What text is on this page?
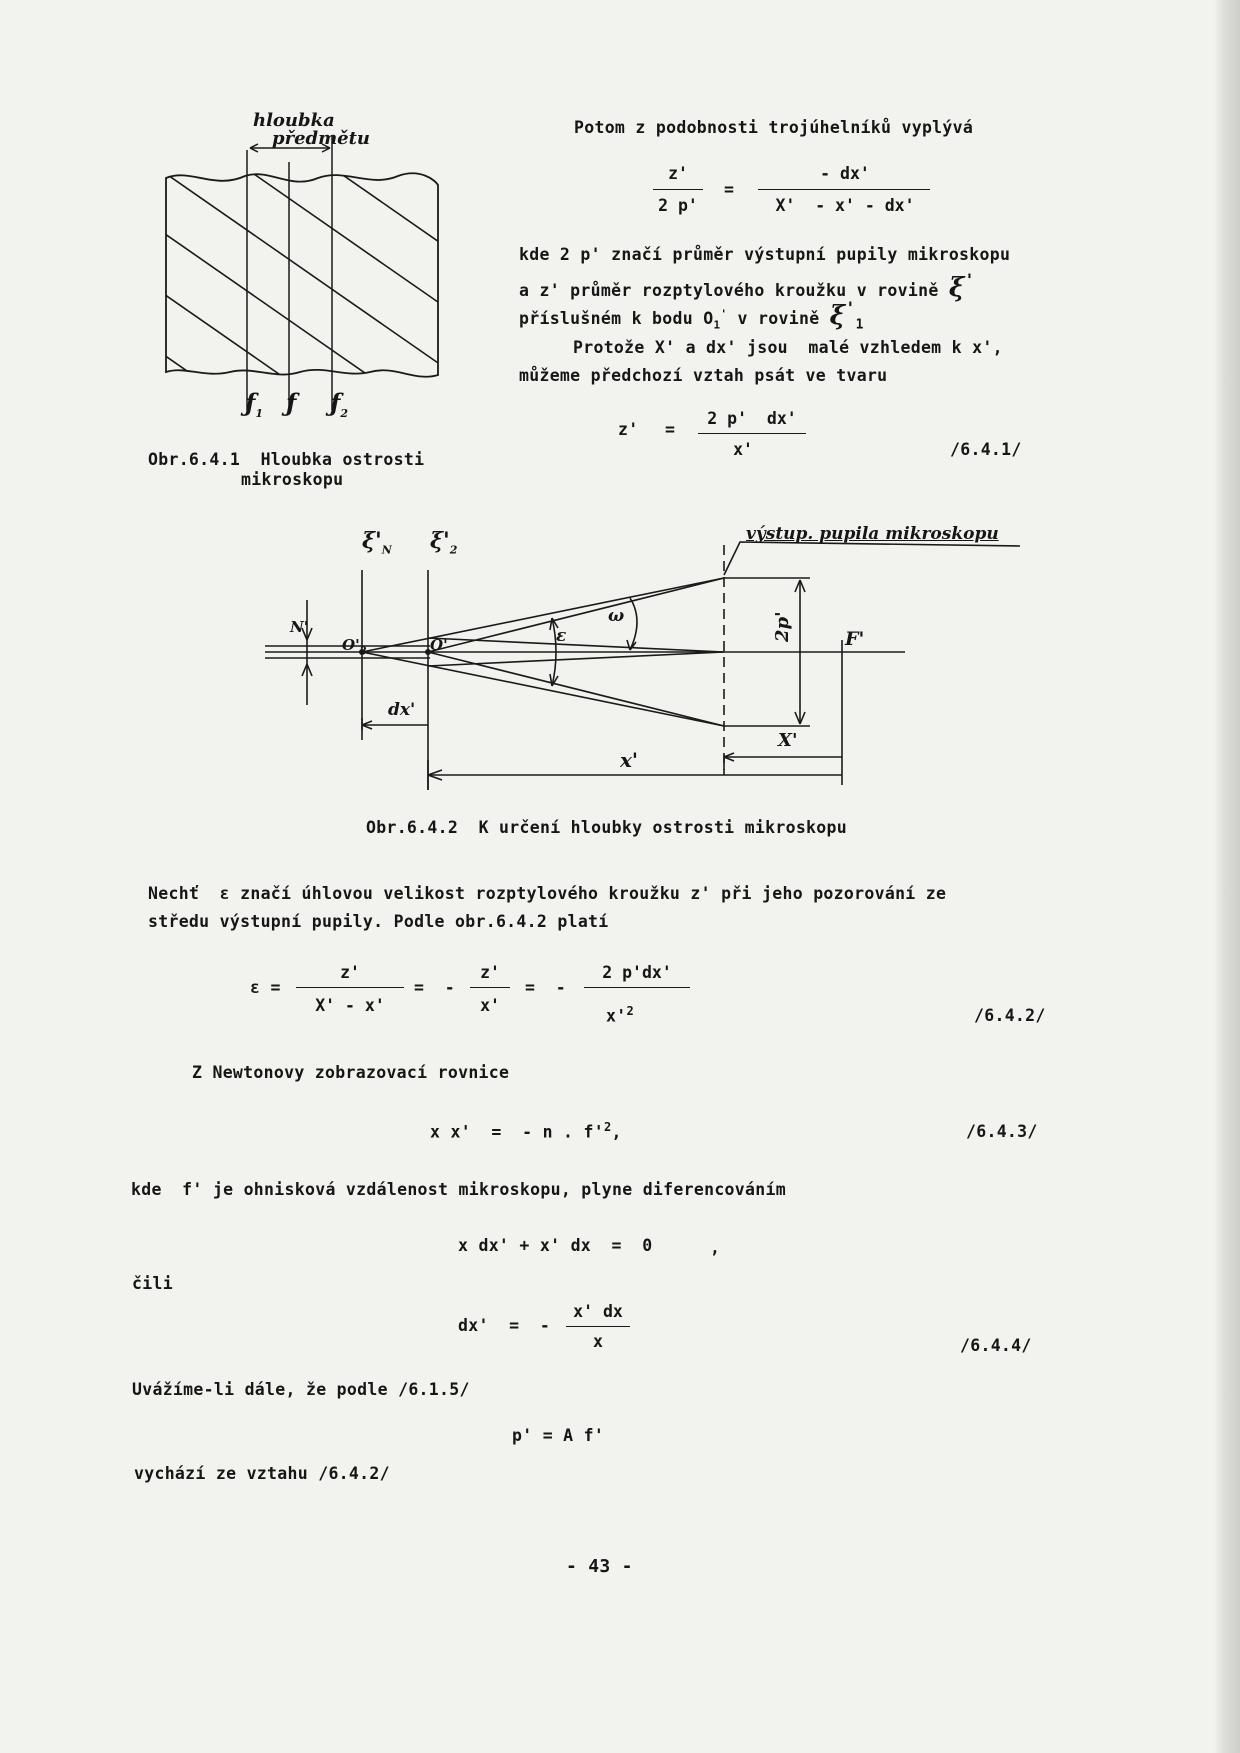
hloubka
předmětu
$ƒ_1$ ƒ $ƒ_2$
Obr.6.4.1  Hloubka ostrosti
mikroskopu
Potom z podobnosti trojúhelníků vyplývá
z'
2 p'
=
- dx'
X'  - x' - dx'
kde 2 p' značí průměr výstupní pupily mikroskopu
a z' průměr rozptylového kroužku v rovině ξ'
příslušném k bodu $O_1'$ v rovině $\xi'_1$
Protože X' a dx' jsou  malé vzhledem k x',
můžeme předchozí vztah psát ve tvaru
z' =
2 p'  dx'
x'	/6.4.1/
$\xi'_N$ $\xi'_2$
výstup. pupila mikroskopu
N'
$O'_2$	O'	ε
ω	2p'	F'
dx'
X'
x'
Obr.6.4.2  K určení hloubky ostrosti mikroskopu
Nechť  ε značí úhlovou velikost rozptylového kroužku z' při jeho pozorování ze
středu výstupní pupily. Podle obr.6.4.2 platí
ε =
z'
X' - x'
=  -
z'
x'
=  -
2 p'dx'
$x'^2$	/6.4.2/
Z Newtonovy zobrazovací rovnice
x x'  =  - n . $f'^2$,	/6.4.3/
kde  f' je ohnisková vzdálenost mikroskopu, plyne diferencováním
x dx' + x' dx  =  0	,
čili
dx'  =  -
x' dx
x	/6.4.4/
Uvážíme-li dále, že podle /6.1.5/
p' = A f'
vychází ze vztahu /6.4.2/
- 43 -
